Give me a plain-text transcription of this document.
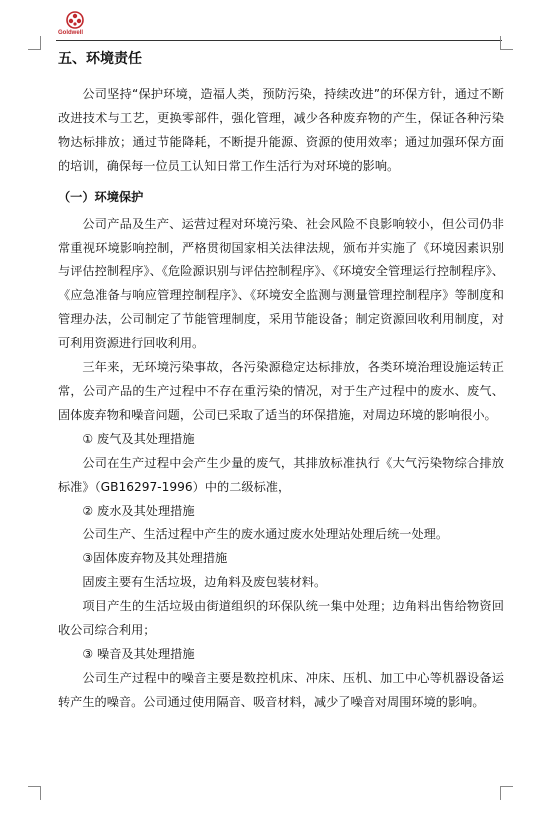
Goldwell
五、环境责任

公司坚持“保护环境，造福人类，预防污染，持续改进”的环保方针，通过不断改进技术与工艺，更换零部件，强化管理，减少各种废弃物的产生，保证各种污染物达标排放；通过节能降耗，不断提升能源、资源的使用效率；通过加强环保方面的培训，确保每一位员工认知日常工作生活行为对环境的影响。

（一）环境保护

公司产品及生产、运营过程对环境污染、社会风险不良影响较小，但公司仍非常重视环境影响控制，严格贯彻国家相关法律法规，颁布并实施了《环境因素识别与评估控制程序》、《危险源识别与评估控制程序》、《环境安全管理运行控制程序》、《应急准备与响应管理控制程序》、《环境安全监测与测量管理控制程序》等制度和管理办法，公司制定了节能管理制度，采用节能设备；制定资源回收利用制度，对可利用资源进行回收利用。

三年来，无环境污染事故，各污染源稳定达标排放，各类环境治理设施运转正常，公司产品的生产过程中不存在重污染的情况，对于生产过程中的废水、废气、固体废弃物和噪音问题，公司已采取了适当的环保措施，对周边环境的影响很小。

① 废气及其处理措施

公司在生产过程中会产生少量的废气，其排放标准执行《大气污染物综合排放标准》（GB16297-1996）中的二级标准，

② 废水及其处理措施

公司生产、生活过程中产生的废水通过废水处理站处理后统一处理。

③固体废弃物及其处理措施

固废主要有生活垃圾，边角料及废包装材料。

项目产生的生活垃圾由街道组织的环保队统一集中处理；边角料出售给物资回收公司综合利用；

③ 噪音及其处理措施

公司生产过程中的噪音主要是数控机床、冲床、压机、加工中心等机器设备运转产生的噪音。公司通过使用隔音、吸音材料，减少了噪音对周围环境的影响。
